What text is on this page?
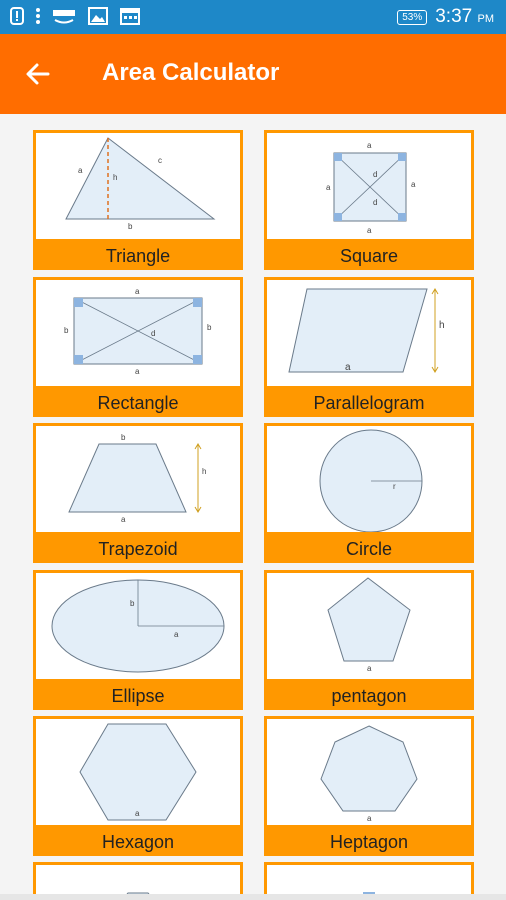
53% 3:37 PM
Area Calculator
a
c
h
b
Triangle
a
a	a
a
d
d
Square
a
a
b	b
d
Rectangle
h
a
Parallelogram
b
h
a
Trapezoid
r
Circle
b
a
Ellipse
a
pentagon
a
Hexagon
a
Heptagon
